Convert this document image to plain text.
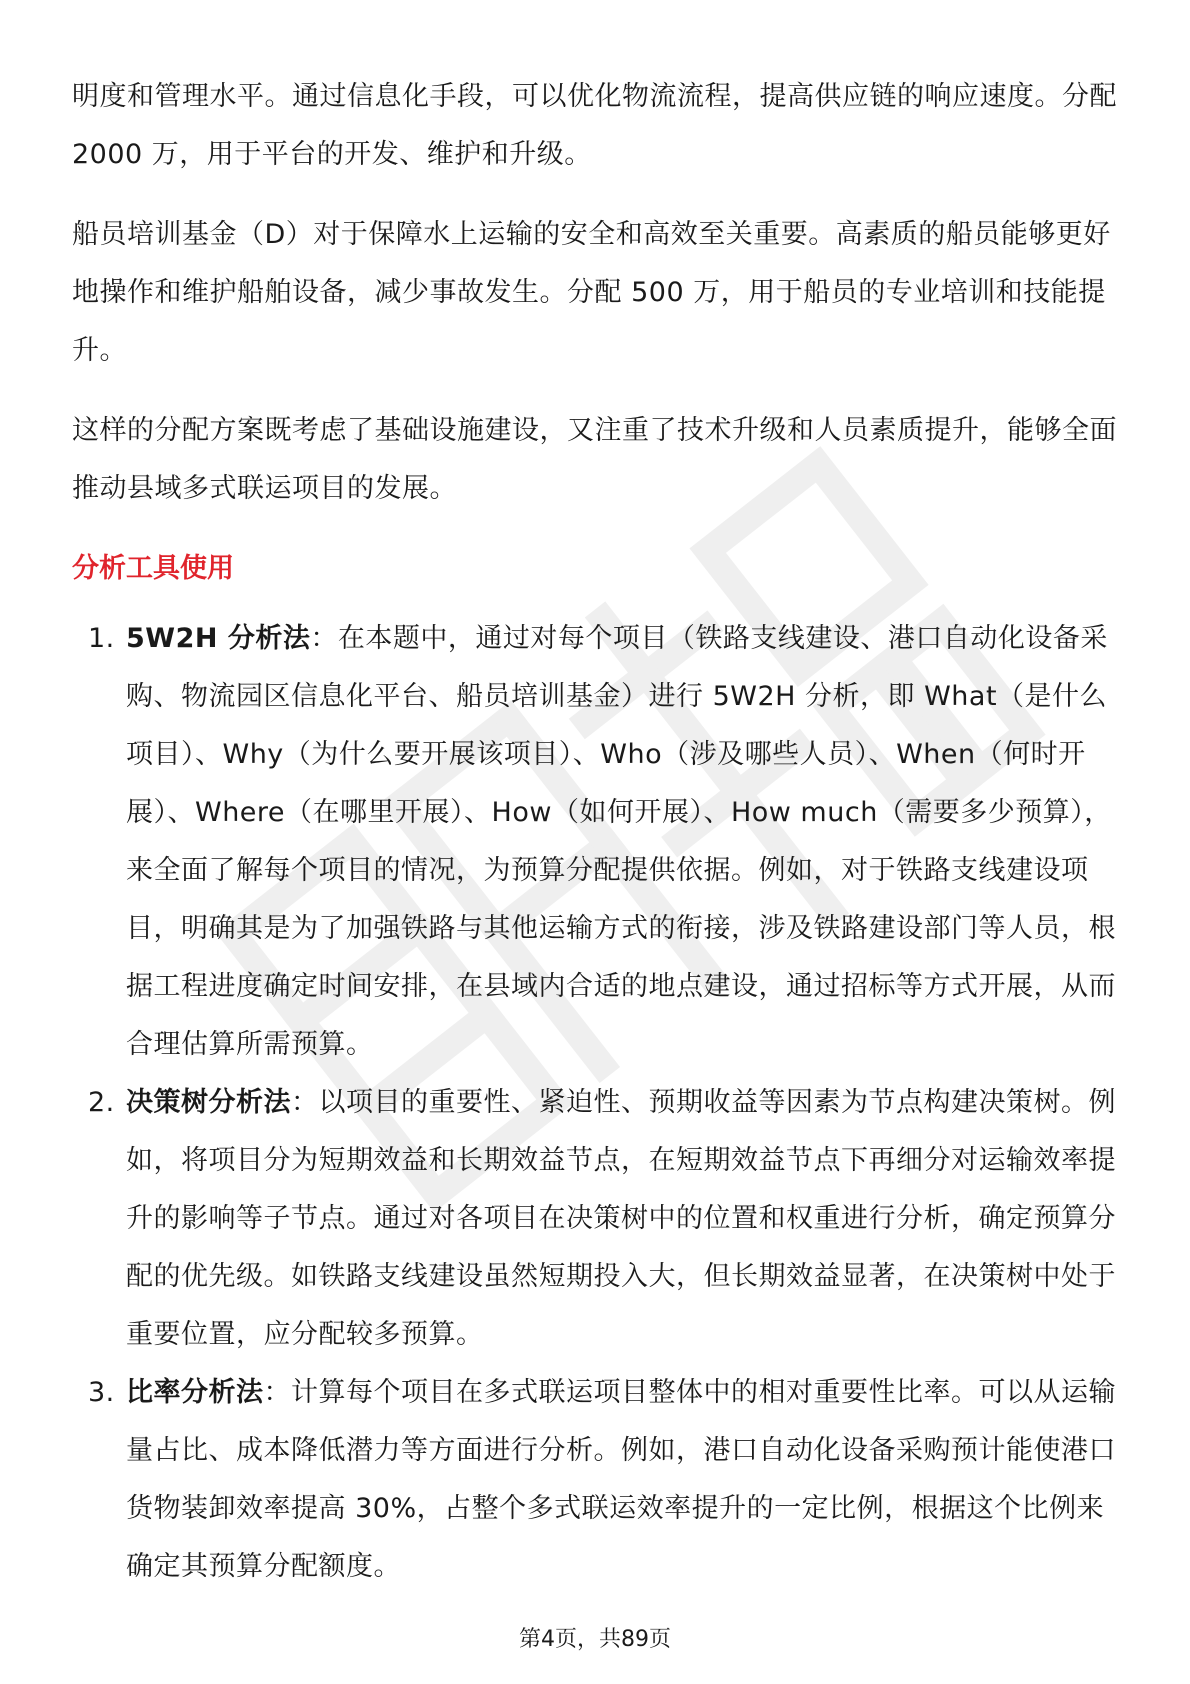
明度和管理水平。通过信息化手段，可以优化物流流程，提高供应链的响应速度。分配 2000 万，用于平台的开发、维护和升级。

船员培训基金（D）对于保障水上运输的安全和高效至关重要。高素质的船员能够更好地操作和维护船舶设备，减少事故发生。分配 500 万，用于船员的专业培训和技能提升。

这样的分配方案既考虑了基础设施建设，又注重了技术升级和人员素质提升，能够全面推动县域多式联运项目的发展。

分析工具使用
1. 5W2H 分析法：在本题中，通过对每个项目（铁路支线建设、港口自动化设备采购、物流园区信息化平台、船员培训基金）进行 5W2H 分析，即 What（是什么项目）、Why（为什么要开展该项目）、Who（涉及哪些人员）、When（何时开展）、Where（在哪里开展）、How（如何开展）、How much（需要多少预算），来全面了解每个项目的情况，为预算分配提供依据。例如，对于铁路支线建设项目，明确其是为了加强铁路与其他运输方式的衔接，涉及铁路建设部门等人员，根据工程进度确定时间安排，在县域内合适的地点建设，通过招标等方式开展，从而合理估算所需预算。
2. 决策树分析法：以项目的重要性、紧迫性、预期收益等因素为节点构建决策树。例如，将项目分为短期效益和长期效益节点，在短期效益节点下再细分对运输效率提升的影响等子节点。通过对各项目在决策树中的位置和权重进行分析，确定预算分配的优先级。如铁路支线建设虽然短期投入大，但长期效益显著，在决策树中处于重要位置，应分配较多预算。
3. 比率分析法：计算每个项目在多式联运项目整体中的相对重要性比率。可以从运输量占比、成本降低潜力等方面进行分析。例如，港口自动化设备采购预计能使港口货物装卸效率提高 30%，占整个多式联运效率提升的一定比例，根据这个比例来确定其预算分配额度。
第4页，共89页
